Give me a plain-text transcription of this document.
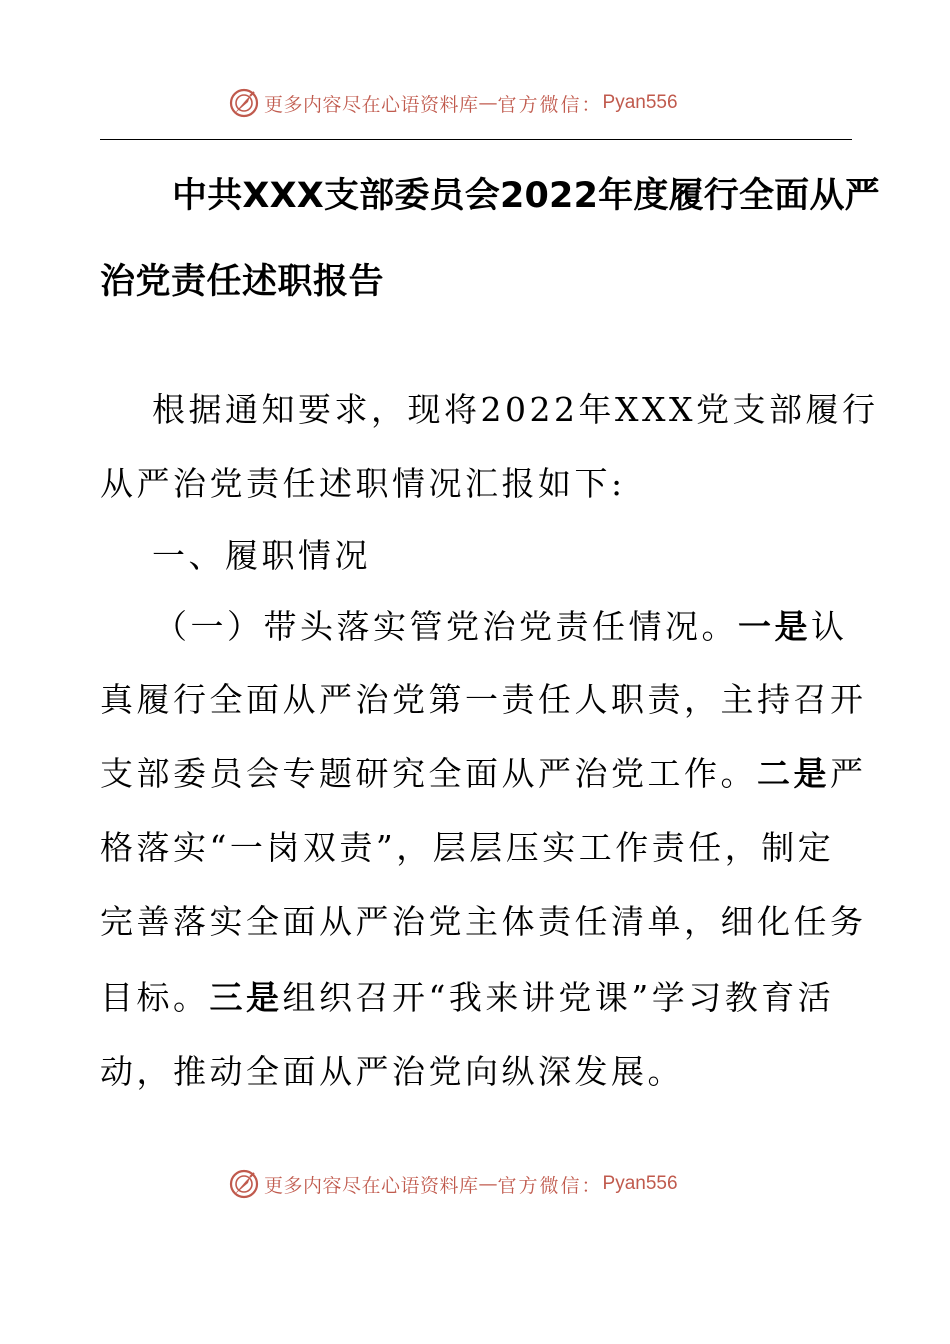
更多内容尽在心语资料库 — 官方微信： Pyan556
中共XXX支部委员会2022年度履行全面从严
治党责任述职报告
根据通知要求，现将2022年XXX党支部履行
从严治党责任述职情况汇报如下:
一、履职情况
（一）带头落实管党治党责任情况。一是认
真履行全面从严治党第一责任人职责，主持召开
支部委员会专题研究全面从严治党工作。二是严
格落实“一岗双责”，层层压实工作责任，制定
完善落实全面从严治党主体责任清单，细化任务
目标。三是组织召开“我来讲党课”学习教育活
动，推动全面从严治党向纵深发展。
更多内容尽在心语资料库 — 官方微信： Pyan556
